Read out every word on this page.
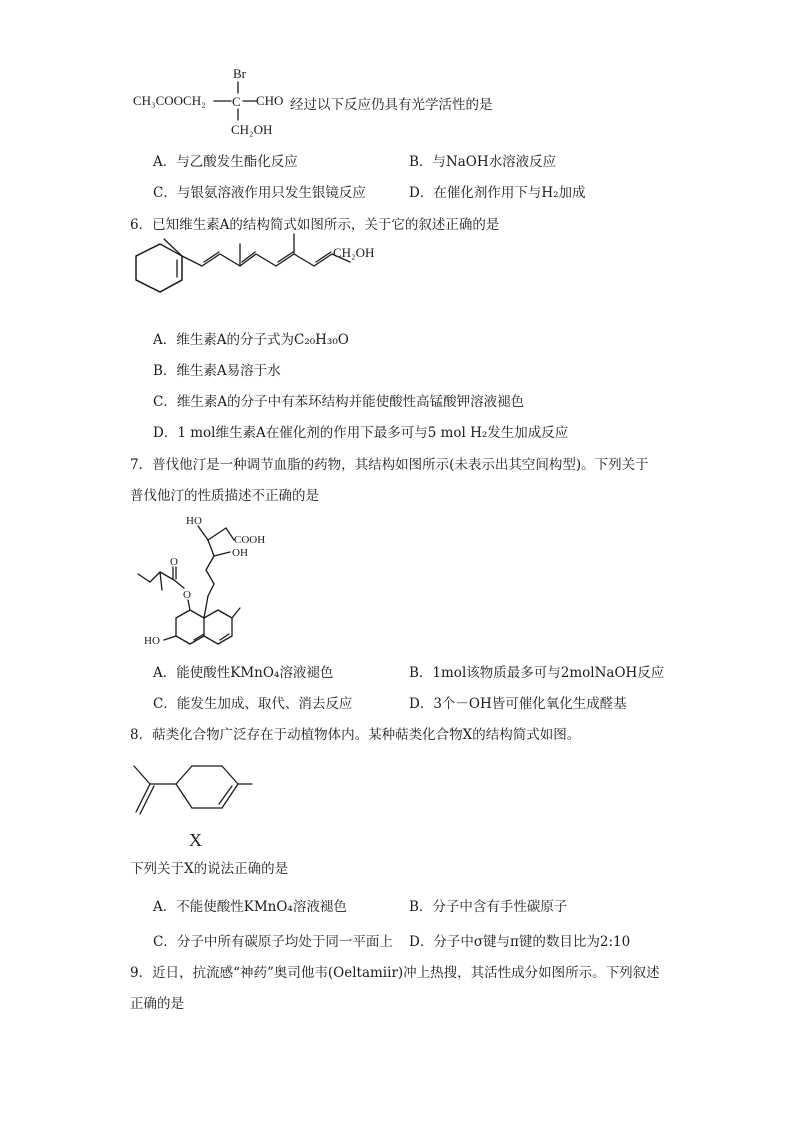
Br
CH₃COOCH₂ C CHO
CH₂OH
经过以下反应仍具有光学活性的是
A．与乙酸发生酯化反应	B．与NaOH水溶液反应
C．与银氨溶液作用只发生银镜反应	D．在催化剂作用下与H₂加成
6．已知维生素A的结构简式如图所示，关于它的叙述正确的是
CH₂OH
A．维生素A的分子式为C₂₀H₃₀O
B．维生素A易溶于水
C．维生素A的分子中有苯环结构并能使酸性高锰酸钾溶液褪色
D．1 mol维生素A在催化剂的作用下最多可与5 mol H₂发生加成反应
7．普伐他汀是一种调节血脂的药物，其结构如图所示(未表示出其空间构型)。下列关于
普伐他汀的性质描述不正确的是
HO
COOH
OH
O
O
HO
A．能使酸性KMnO₄溶液褪色	B．1mol该物质最多可与2molNaOH反应
C．能发生加成、取代、消去反应	D．3个－OH皆可催化氧化生成醛基
8．萜类化合物广泛存在于动植物体内。某种萜类化合物X的结构简式如图。
X
下列关于X的说法正确的是
A．不能使酸性KMnO₄溶液褪色	B．分子中含有手性碳原子
C．分子中所有碳原子均处于同一平面上 D．分子中σ键与π键的数目比为2:10
9．近日，抗流感“神药”奥司他韦(Oeltamiir)冲上热搜，其活性成分如图所示。下列叙述
正确的是
